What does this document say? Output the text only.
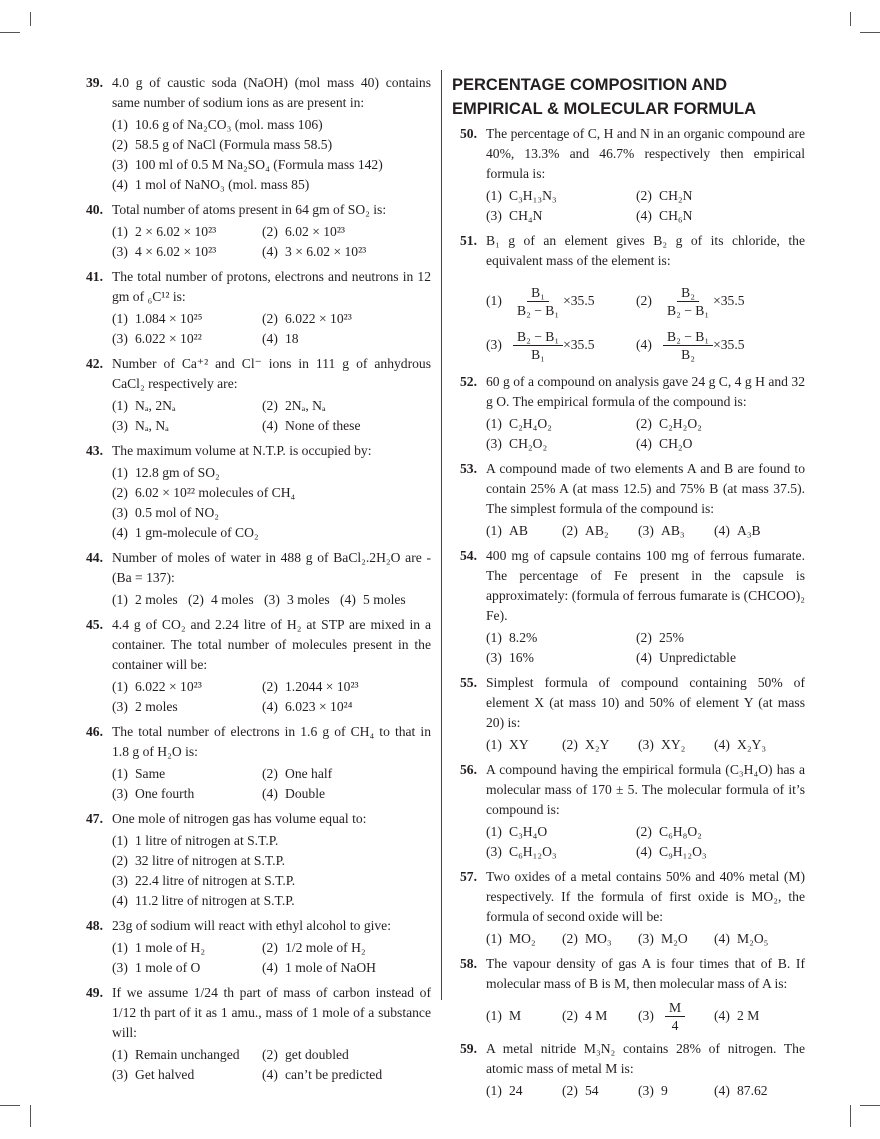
PERCENTAGE COMPOSITION AND
EMPIRICAL & MOLECULAR FORMULA
39. 4.0 g of caustic soda (NaOH) (mol mass 40) contains same number of sodium ions as are present in:
(1) 10.6 g of Na₂CO₃ (mol. mass 106)
(2) 58.5 g of NaCl (Formula mass 58.5)
(3) 100 ml of 0.5 M Na₂SO₄ (Formula mass 142)
(4) 1 mol of NaNO₃ (mol. mass 85)
40. Total number of atoms present in 64 gm of SO₂ is:
(1) 2 × 6.02 × 10²³	(2) 6.02 × 10²³
(3) 4 × 6.02 × 10²³	(4) 3 × 6.02 × 10²³
41. The total number of protons, electrons and neutrons in 12 gm of ₆C¹² is:
(1) 1.084 × 10²⁵	(2) 6.022 × 10²³
(3) 6.022 × 10²²	(4) 18
42. Number of Ca⁺² and Cl⁻ ions in 111 g of anhydrous CaCl₂ respectively are:
(1) Nₐ, 2Nₐ	(2) 2Nₐ, Nₐ
(3) Nₐ, Nₐ	(4) None of these
43. The maximum volume at N.T.P. is occupied by:
(1) 12.8 gm of SO₂
(2) 6.02 × 10²² molecules of CH₄
(3) 0.5 mol of NO₂
(4) 1 gm-molecule of CO₂
44. Number of moles of water in 488 g of BaCl₂.2H₂O are - (Ba = 137):
(1) 2 moles (2) 4 moles (3) 3 moles (4) 5 moles
45. 4.4 g of CO₂ and 2.24 litre of H₂ at STP are mixed in a container. The total number of molecules present in the container will be:
(1) 6.022 × 10²³	(2) 1.2044 × 10²³
(3) 2 moles	(4) 6.023 × 10²⁴
46. The total number of electrons in 1.6 g of CH₄ to that in 1.8 g of H₂O is:
(1) Same	(2) One half
(3) One fourth	(4) Double
47. One mole of nitrogen gas has volume equal to:
(1) 1 litre of nitrogen at S.T.P.
(2) 32 litre of nitrogen at S.T.P.
(3) 22.4 litre of nitrogen at S.T.P.
(4) 11.2 litre of nitrogen at S.T.P.
48. 23g of sodium will react with ethyl alcohol to give:
(1) 1 mole of H₂	(2) 1/2 mole of H₂
(3) 1 mole of O	(4) 1 mole of NaOH
49. If we assume 1/24 th part of mass of carbon instead of 1/12 th part of it as 1 amu., mass of 1 mole of a substance will:
(1) Remain unchanged	(2) get doubled
(3) Get halved	(4) can’t be predicted
50. The percentage of C, H and N in an organic compound are 40%, 13.3% and 46.7% respectively then empirical formula is:
(1) C₃H₁₃N₃	(2) CH₂N
(3) CH₄N	(4) CH₆N
51. B₁ g of an element gives B₂ g of its chloride, the equivalent mass of the element is:
$(1) \frac{\text{B₁}}{\text{B₂ − B₁}} \times 35.5$	$(2) \frac{\text{B₂}}{\text{B₂ − B₁}} \times 35.5$
$(3) \frac{\text{B₂ − B₁}}{\text{B₁}} \times 35.5$	$(4) \frac{\text{B₂ − B₁}}{\text{B₂}} \times 35.5$
52. 60 g of a compound on analysis gave 24 g C, 4 g H and 32 g O. The empirical formula of the compound is:
(1) C₂H₄O₂	(2) C₂H₂O₂
(3) CH₂O₂	(4) CH₂O
53. A compound made of two elements A and B are found to contain 25% A (at mass 12.5) and 75% B (at mass 37.5). The simplest formula of the compound is:
(1) AB	(2) AB₂	(3) AB₃	(4) A₃B
54. 400 mg of capsule contains 100 mg of ferrous fumarate. The percentage of Fe present in the capsule is approximately: (formula of ferrous fumarate is (CHCOO)₂ Fe).
(1) 8.2%	(2) 25%
(3) 16%	(4) Unpredictable
55. Simplest formula of compound containing 50% of element X (at mass 10) and 50% of element Y (at mass 20) is:
(1) XY	(2) X₂Y	(3) XY₂	(4) X₂Y₃
56. A compound having the empirical formula (C₃H₄O) has a molecular mass of 170 ± 5. The molecular formula of it’s compound is:
(1) C₃H₄O	(2) C₆H₈O₂
(3) C₆H₁₂O₃	(4) C₉H₁₂O₃
57. Two oxides of a metal contains 50% and 40% metal (M) respectively. If the formula of first oxide is MO₂, the formula of second oxide will be:
(1) MO₂	(2) MO₃	(3) M₂O	(4) M₂O₅
58. The vapour density of gas A is four times that of B. If molecular mass of B is M, then molecular mass of A is:
(1) M	(2) 4 M	$(3) \frac{M}{4} (4)$ 2 M
59. A metal nitride M₃N₂ contains 28% of nitrogen. The atomic mass of metal M is:
(1) 24	(2) 54	(3) 9	(4) 87.62
